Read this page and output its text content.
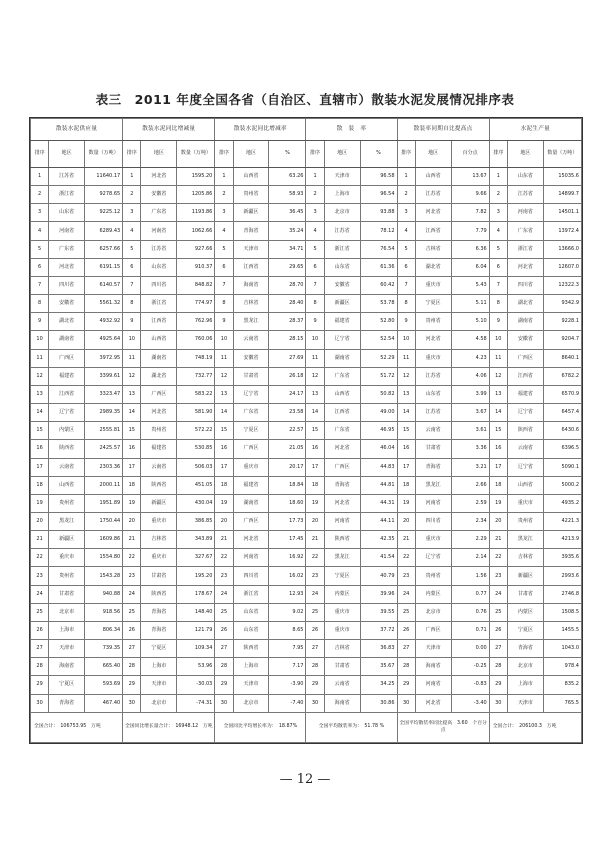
表三　2011 年度全国各省（自治区、直辖市）散装水泥发展情况排序表
散装水泥供应量			散装水泥同比增减量			散装水泥同比增减率			散　装　率			散装率同期自比提高点			水泥生产量		
排序	地区	数量（万吨）	排序	地区	数量（万吨）	排序	地区	%	排序	地区	%	排序	地区	百分点	排序	地区	数量（万吨）
1	江苏省	11640.17	1	河北省	1595.20	1	山西省	63.26	1	天津市	96.58	1	山西省	13.67	1	山东省	15035.6
2	浙江省	9278.65	2	安徽省	1205.86	2	贵州省	58.93	2	上海市	96.54	2	江苏省	9.66	2	江苏省	14899.7
3	山东省	9225.12	3	广东省	1193.86	3	新疆区	36.45	3	北京市	93.88	3	河北省	7.82	3	河南省	14501.1
4	河南省	6289.43	4	河南省	1062.66	4	青海省	35.24	4	江苏省	78.12	4	江西省	7.79	4	广东省	13972.4
5	广东省	6257.66	5	江苏省	927.66	5	天津市	34.71	5	浙江省	76.54	5	吉林省	6.36	5	浙江省	13666.0
6	河北省	6191.15	6	山东省	910.37	6	江西省	29.65	6	山东省	61.36	6	湖北省	6.04	6	河北省	12607.0
7	四川省	6140.57	7	四川省	848.82	7	海南省	28.70	7	安徽省	60.42	7	重庆市	5.43	7	四川省	12322.3
8	安徽省	5561.32	8	浙江省	774.97	8	吉林省	28.40	8	新疆区	53.78	8	宁夏区	5.11	8	湖北省	9342.9
9	湖北省	4932.92	9	江西省	762.96	9	黑龙江	28.37	9	福建省	52.80	9	贵州省	5.10	9	湖南省	9228.1
10	湖南省	4925.64	10	山西省	760.06	10	云南省	28.15	10	辽宁省	52.54	10	河北省	4.58	10	安徽省	9204.7
11	广西区	3972.95	11	湖南省	748.19	11	安徽省	27.69	11	湖南省	52.29	11	重庆市	4.23	11	广西区	8640.1
12	福建省	3399.61	12	湖北省	732.77	12	甘肃省	26.18	12	广东省	51.72	12	江苏省	4.06	12	江西省	6782.2
13	江西省	3323.47	13	广西区	583.22	13	辽宁省	24.17	13	山西省	50.82	13	山东省	3.99	13	福建省	6570.9
14	辽宁省	2989.35	14	河北省	581.90	14	广东省	23.58	14	江西省	49.00	14	江苏省	3.67	14	辽宁省	6457.4
15	内蒙区	2555.81	15	贵州省	572.22	15	宁夏区	22.57	15	广东省	46.95	15	云南省	3.61	15	陕西省	6430.6
16	陕西省	2425.57	16	福建省	530.85	16	广西区	21.05	16	河北省	46.04	16	甘肃省	3.36	16	云南省	6396.5
17	云南省	2303.36	17	云南省	506.03	17	重庆市	20.17	17	广西区	44.83	17	青海省	3.21	17	辽宁省	5090.1
18	山西省	2000.11	18	陕西省	451.05	18	福建省	18.84	18	青海省	44.81	18	黑龙江	2.66	18	山西省	5000.2
19	贵州省	1951.89	19	新疆区	430.04	19	湖南省	18.60	19	河北省	44.31	19	河南省	2.59	19	重庆市	4935.2
20	黑龙江	1750.44	20	重庆市	386.85	20	广西区	17.73	20	河南省	44.11	20	四川省	2.34	20	贵州省	4221.3
21	新疆区	1609.86	21	吉林省	343.89	21	河北省	17.45	21	陕西省	42.35	21	重庆市	2.29	21	黑龙江	4213.9
22	重庆市	1554.80	22	重庆市	327.67	22	河南省	16.92	22	黑龙江	41.54	22	辽宁省	2.14	22	吉林省	3935.6
23	贵州省	1543.28	23	甘肃省	195.20	23	四川省	16.02	23	宁夏区	40.79	23	贵州省	1.56	23	新疆区	2993.6
24	甘肃省	940.88	24	陕西省	178.67	24	浙江省	12.93	24	内蒙区	39.96	24	内蒙区	0.77	24	甘肃省	2746.8
25	北京市	918.56	25	青海省	148.40	25	山东省	9.02	25	重庆市	39.55	25	北京市	0.76	25	内蒙区	1508.5
26	上海市	806.34	26	青海省	121.79	26	山东省	8.65	26	重庆市	37.72	26	广西区	0.71	26	宁夏区	1455.5
27	天津市	739.35	27	宁夏区	109.34	27	陕西省	7.95	27	吉林省	36.83	27	天津市	0.00	27	青海省	1043.0
28	海南省	665.40	28	上海市	53.96	28	上海市	7.17	28	甘肃省	35.67	28	海南省	-0.25	28	北京市	978.4
29	宁夏区	593.69	29	天津市	-30.03	29	天津市	-3.90	29	云南省	34.25	29	河南省	-0.83	29	上海市	835.2
30	青海省	467.40	30	北京市	-74.31	30	北京市	-7.40	30	海南省	30.86	30	河北省	-3.40	30	天津市	765.5
全国合计：　106753.95　万吨			全国同比增长量合计：　16948.12　万吨			全国同比平均增长率为：　18.87%			全国平均散装率为：　51.78 %			全国平均散装率同比提高　3.60　个百分点			全国合计：　206100.3　万吨		
— 12 —
